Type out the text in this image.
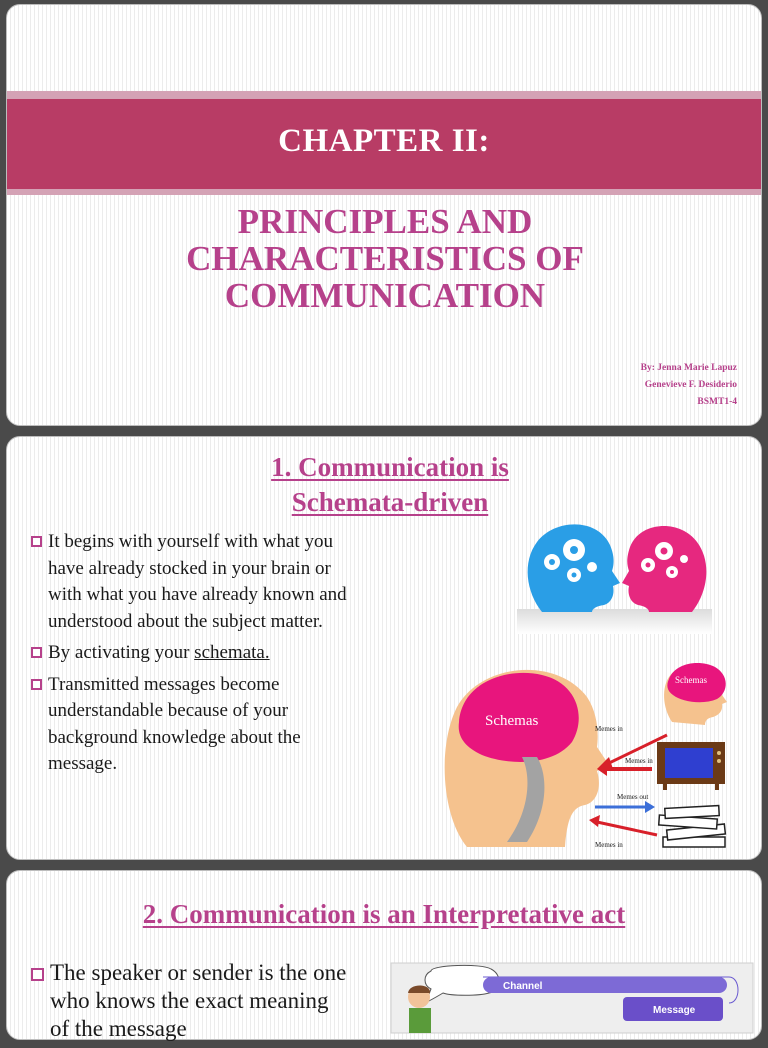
CHAPTER II:
PRINCIPLES AND
CHARACTERISTICS OF
COMMUNICATION
By: Jenna Marie Lapuz
Genevieve F. Desiderio
BSMT1-4
1. Communication is
Schemata-driven
It begins with yourself with what you have already stocked in your brain or with what you have already known and understood about the subject matter.
By activating your schemata.
Transmitted messages become understandable because of your background knowledge about the message.
Schemas
Schemas
Memes in
Memes in
Memes out
Memes in
2. Communication is an Interpretative act
The speaker or sender is the one who knows the exact meaning of the message
Channel
Message
